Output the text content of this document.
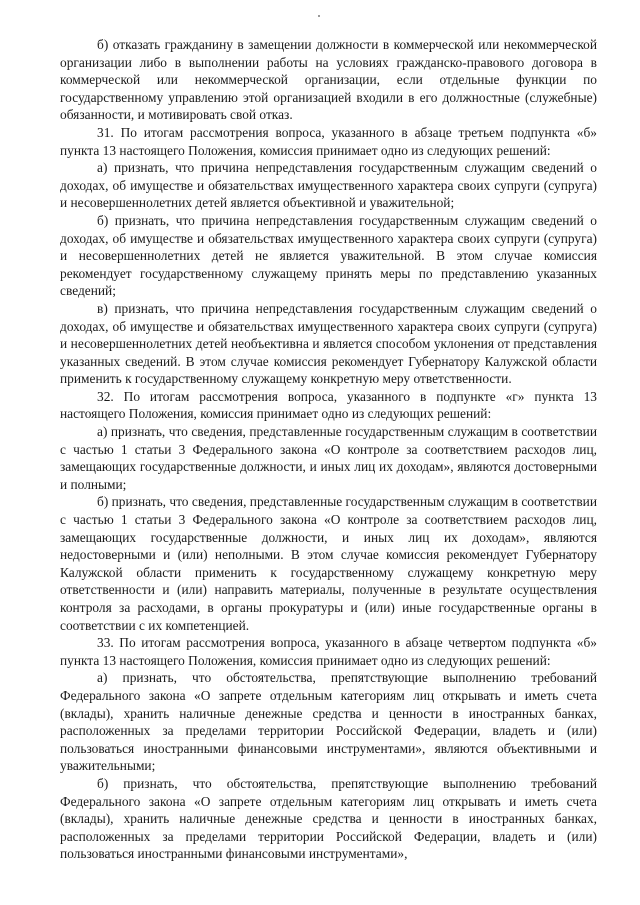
б) отказать гражданину в замещении должности в коммерческой или некоммерческой организации либо в выполнении работы на условиях гражданско-правового договора в коммерческой или некоммерческой организации, если отдельные функции по государственному управлению этой организацией входили в его должностные (служебные) обязанности, и мотивировать свой отказ.

31. По итогам рассмотрения вопроса, указанного в абзаце третьем подпункта «б» пункта 13 настоящего Положения, комиссия принимает одно из следующих решений:

а) признать, что причина непредставления государственным служащим сведений о доходах, об имуществе и обязательствах имущественного характера своих супруги (супруга) и несовершеннолетних детей является объективной и уважительной;

б) признать, что причина непредставления государственным служащим сведений о доходах, об имуществе и обязательствах имущественного характера своих супруги (супруга) и несовершеннолетних детей не является уважительной. В этом случае комиссия рекомендует государственному служащему принять меры по представлению указанных сведений;

в) признать, что причина непредставления государственным служащим сведений о доходах, об имуществе и обязательствах имущественного характера своих супруги (супруга) и несовершеннолетних детей необъективна и является способом уклонения от представления указанных сведений. В этом случае комиссия рекомендует Губернатору Калужской области применить к государственному служащему конкретную меру ответственности.

32. По итогам рассмотрения вопроса, указанного в подпункте «г» пункта 13 настоящего Положения, комиссия принимает одно из следующих решений:

а) признать, что сведения, представленные государственным служащим в соответствии с частью 1 статьи 3 Федерального закона «О контроле за соответствием расходов лиц, замещающих государственные должности, и иных лиц их доходам», являются достоверными и полными;

б) признать, что сведения, представленные государственным служащим в соответствии с частью 1 статьи 3 Федерального закона «О контроле за соответствием расходов лиц, замещающих государственные должности, и иных лиц их доходам», являются недостоверными и (или) неполными. В этом случае комиссия рекомендует Губернатору Калужской области применить к государственному служащему конкретную меру ответственности и (или) направить материалы, полученные в результате осуществления контроля за расходами, в органы прокуратуры и (или) иные государственные органы в соответствии с их компетенцией.

33. По итогам рассмотрения вопроса, указанного в абзаце четвертом подпункта «б» пункта 13 настоящего Положения, комиссия принимает одно из следующих решений:

а) признать, что обстоятельства, препятствующие выполнению требований Федерального закона «О запрете отдельным категориям лиц открывать и иметь счета (вклады), хранить наличные денежные средства и ценности в иностранных банках, расположенных за пределами территории Российской Федерации, владеть и (или) пользоваться иностранными финансовыми инструментами», являются объективными и уважительными;

б) признать, что обстоятельства, препятствующие выполнению требований Федерального закона «О запрете отдельным категориям лиц открывать и иметь счета (вклады), хранить наличные денежные средства и ценности в иностранных банках, расположенных за пределами территории Российской Федерации, владеть и (или) пользоваться иностранными финансовыми инструментами»,
